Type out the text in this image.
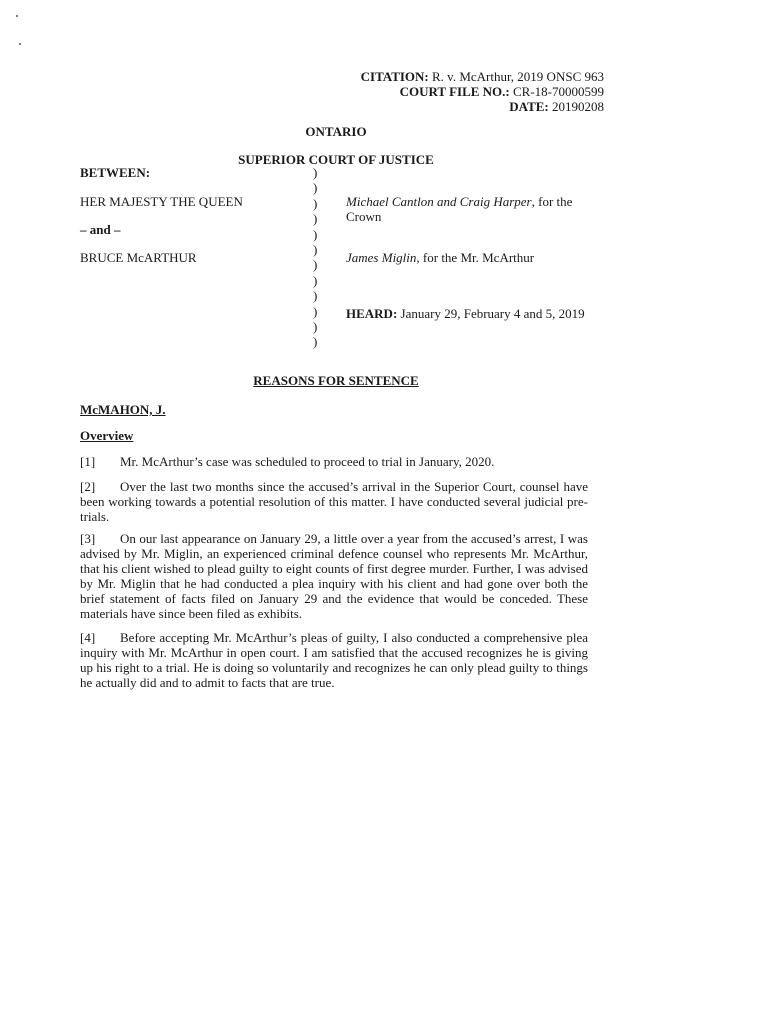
CITATION: R. v. McArthur, 2019 ONSC 963
COURT FILE NO.: CR-18-70000599
DATE: 20190208
ONTARIO
SUPERIOR COURT OF JUSTICE
BETWEEN:
HER MAJESTY THE QUEEN
– and –
BRUCE McARTHUR
)
)
)
)
)
)
)
)
)
)
)
)
Michael Cantlon and Craig Harper, for the Crown
James Miglin, for the Mr. McArthur
HEARD: January 29, February 4 and 5, 2019
REASONS FOR SENTENCE
McMAHON, J.
Overview
[1] Mr. McArthur’s case was scheduled to proceed to trial in January, 2020.
[2] Over the last two months since the accused’s arrival in the Superior Court, counsel have been working towards a potential resolution of this matter. I have conducted several judicial pre-trials.
[3] On our last appearance on January 29, a little over a year from the accused’s arrest, I was advised by Mr. Miglin, an experienced criminal defence counsel who represents Mr. McArthur, that his client wished to plead guilty to eight counts of first degree murder. Further, I was advised by Mr. Miglin that he had conducted a plea inquiry with his client and had gone over both the brief statement of facts filed on January 29 and the evidence that would be conceded. These materials have since been filed as exhibits.
[4] Before accepting Mr. McArthur’s pleas of guilty, I also conducted a comprehensive plea inquiry with Mr. McArthur in open court. I am satisfied that the accused recognizes he is giving up his right to a trial. He is doing so voluntarily and recognizes he can only plead guilty to things he actually did and to admit to facts that are true.
